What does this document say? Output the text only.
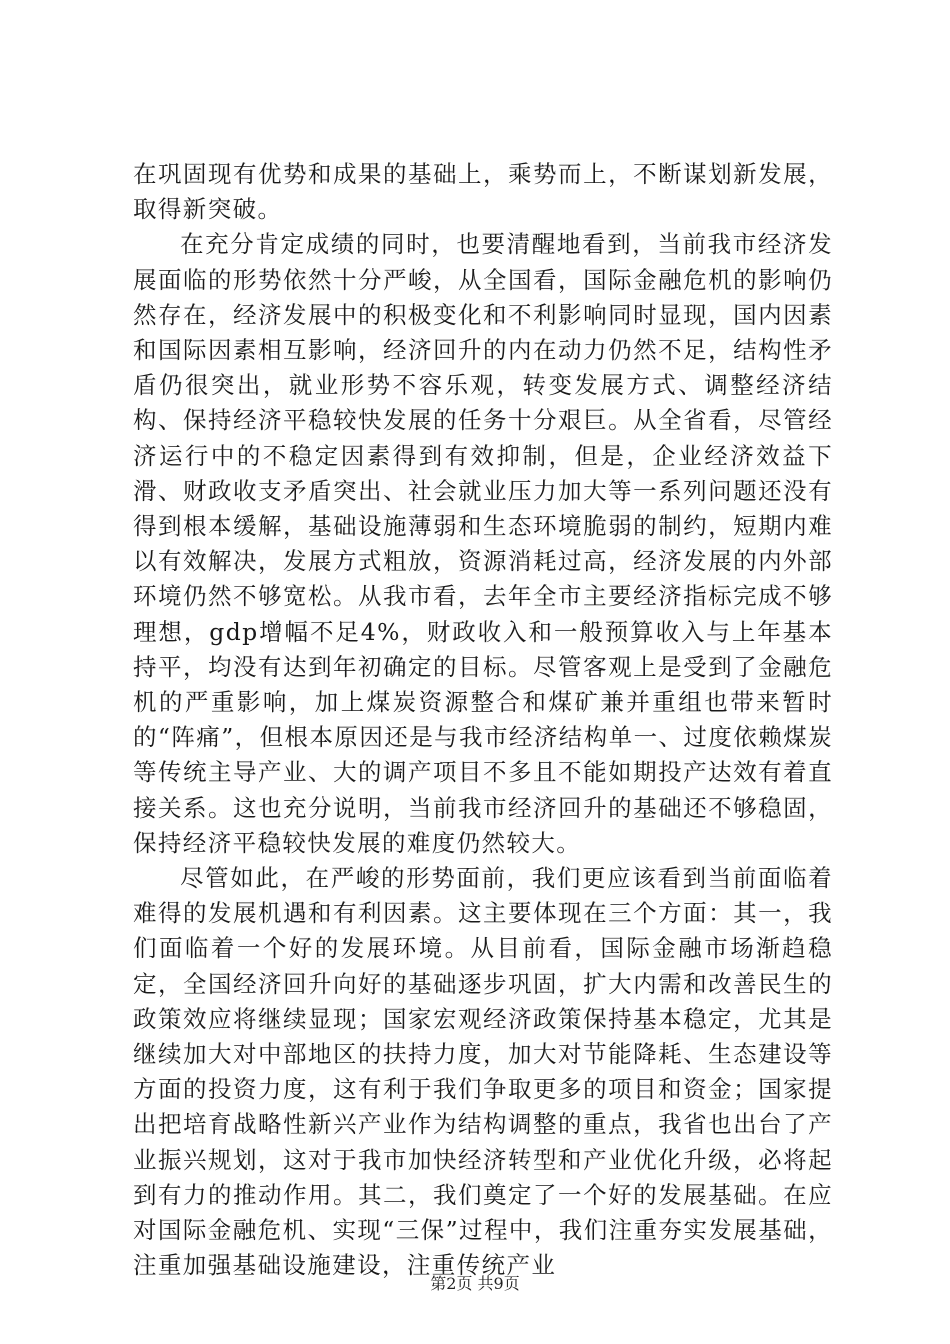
在巩固现有优势和成果的基础上，乘势而上，不断谋划新发展，取得新突破。

在充分肯定成绩的同时，也要清醒地看到，当前我市经济发展面临的形势依然十分严峻，从全国看，国际金融危机的影响仍然存在，经济发展中的积极变化和不利影响同时显现，国内因素和国际因素相互影响，经济回升的内在动力仍然不足，结构性矛盾仍很突出，就业形势不容乐观，转变发展方式、调整经济结构、保持经济平稳较快发展的任务十分艰巨。从全省看，尽管经济运行中的不稳定因素得到有效抑制，但是，企业经济效益下滑、财政收支矛盾突出、社会就业压力加大等一系列问题还没有得到根本缓解，基础设施薄弱和生态环境脆弱的制约，短期内难以有效解决，发展方式粗放，资源消耗过高，经济发展的内外部环境仍然不够宽松。从我市看，去年全市主要经济指标完成不够理想，gdp增幅不足4%，财政收入和一般预算收入与上年基本持平，均没有达到年初确定的目标。尽管客观上是受到了金融危机的严重影响，加上煤炭资源整合和煤矿兼并重组也带来暂时的“阵痛”，但根本原因还是与我市经济结构单一、过度依赖煤炭等传统主导产业、大的调产项目不多且不能如期投产达效有着直接关系。这也充分说明，当前我市经济回升的基础还不够稳固，保持经济平稳较快发展的难度仍然较大。

尽管如此，在严峻的形势面前，我们更应该看到当前面临着难得的发展机遇和有利因素。这主要体现在三个方面：其一，我们面临着一个好的发展环境。从目前看，国际金融市场渐趋稳定，全国经济回升向好的基础逐步巩固，扩大内需和改善民生的政策效应将继续显现；国家宏观经济政策保持基本稳定，尤其是继续加大对中部地区的扶持力度，加大对节能降耗、生态建设等方面的投资力度，这有利于我们争取更多的项目和资金；国家提出把培育战略性新兴产业作为结构调整的重点，我省也出台了产业振兴规划，这对于我市加快经济转型和产业优化升级，必将起到有力的推动作用。其二，我们奠定了一个好的发展基础。在应对国际金融危机、实现“三保”过程中，我们注重夯实发展基础，注重加强基础设施建设，注重传统产业

第2页 共9页
